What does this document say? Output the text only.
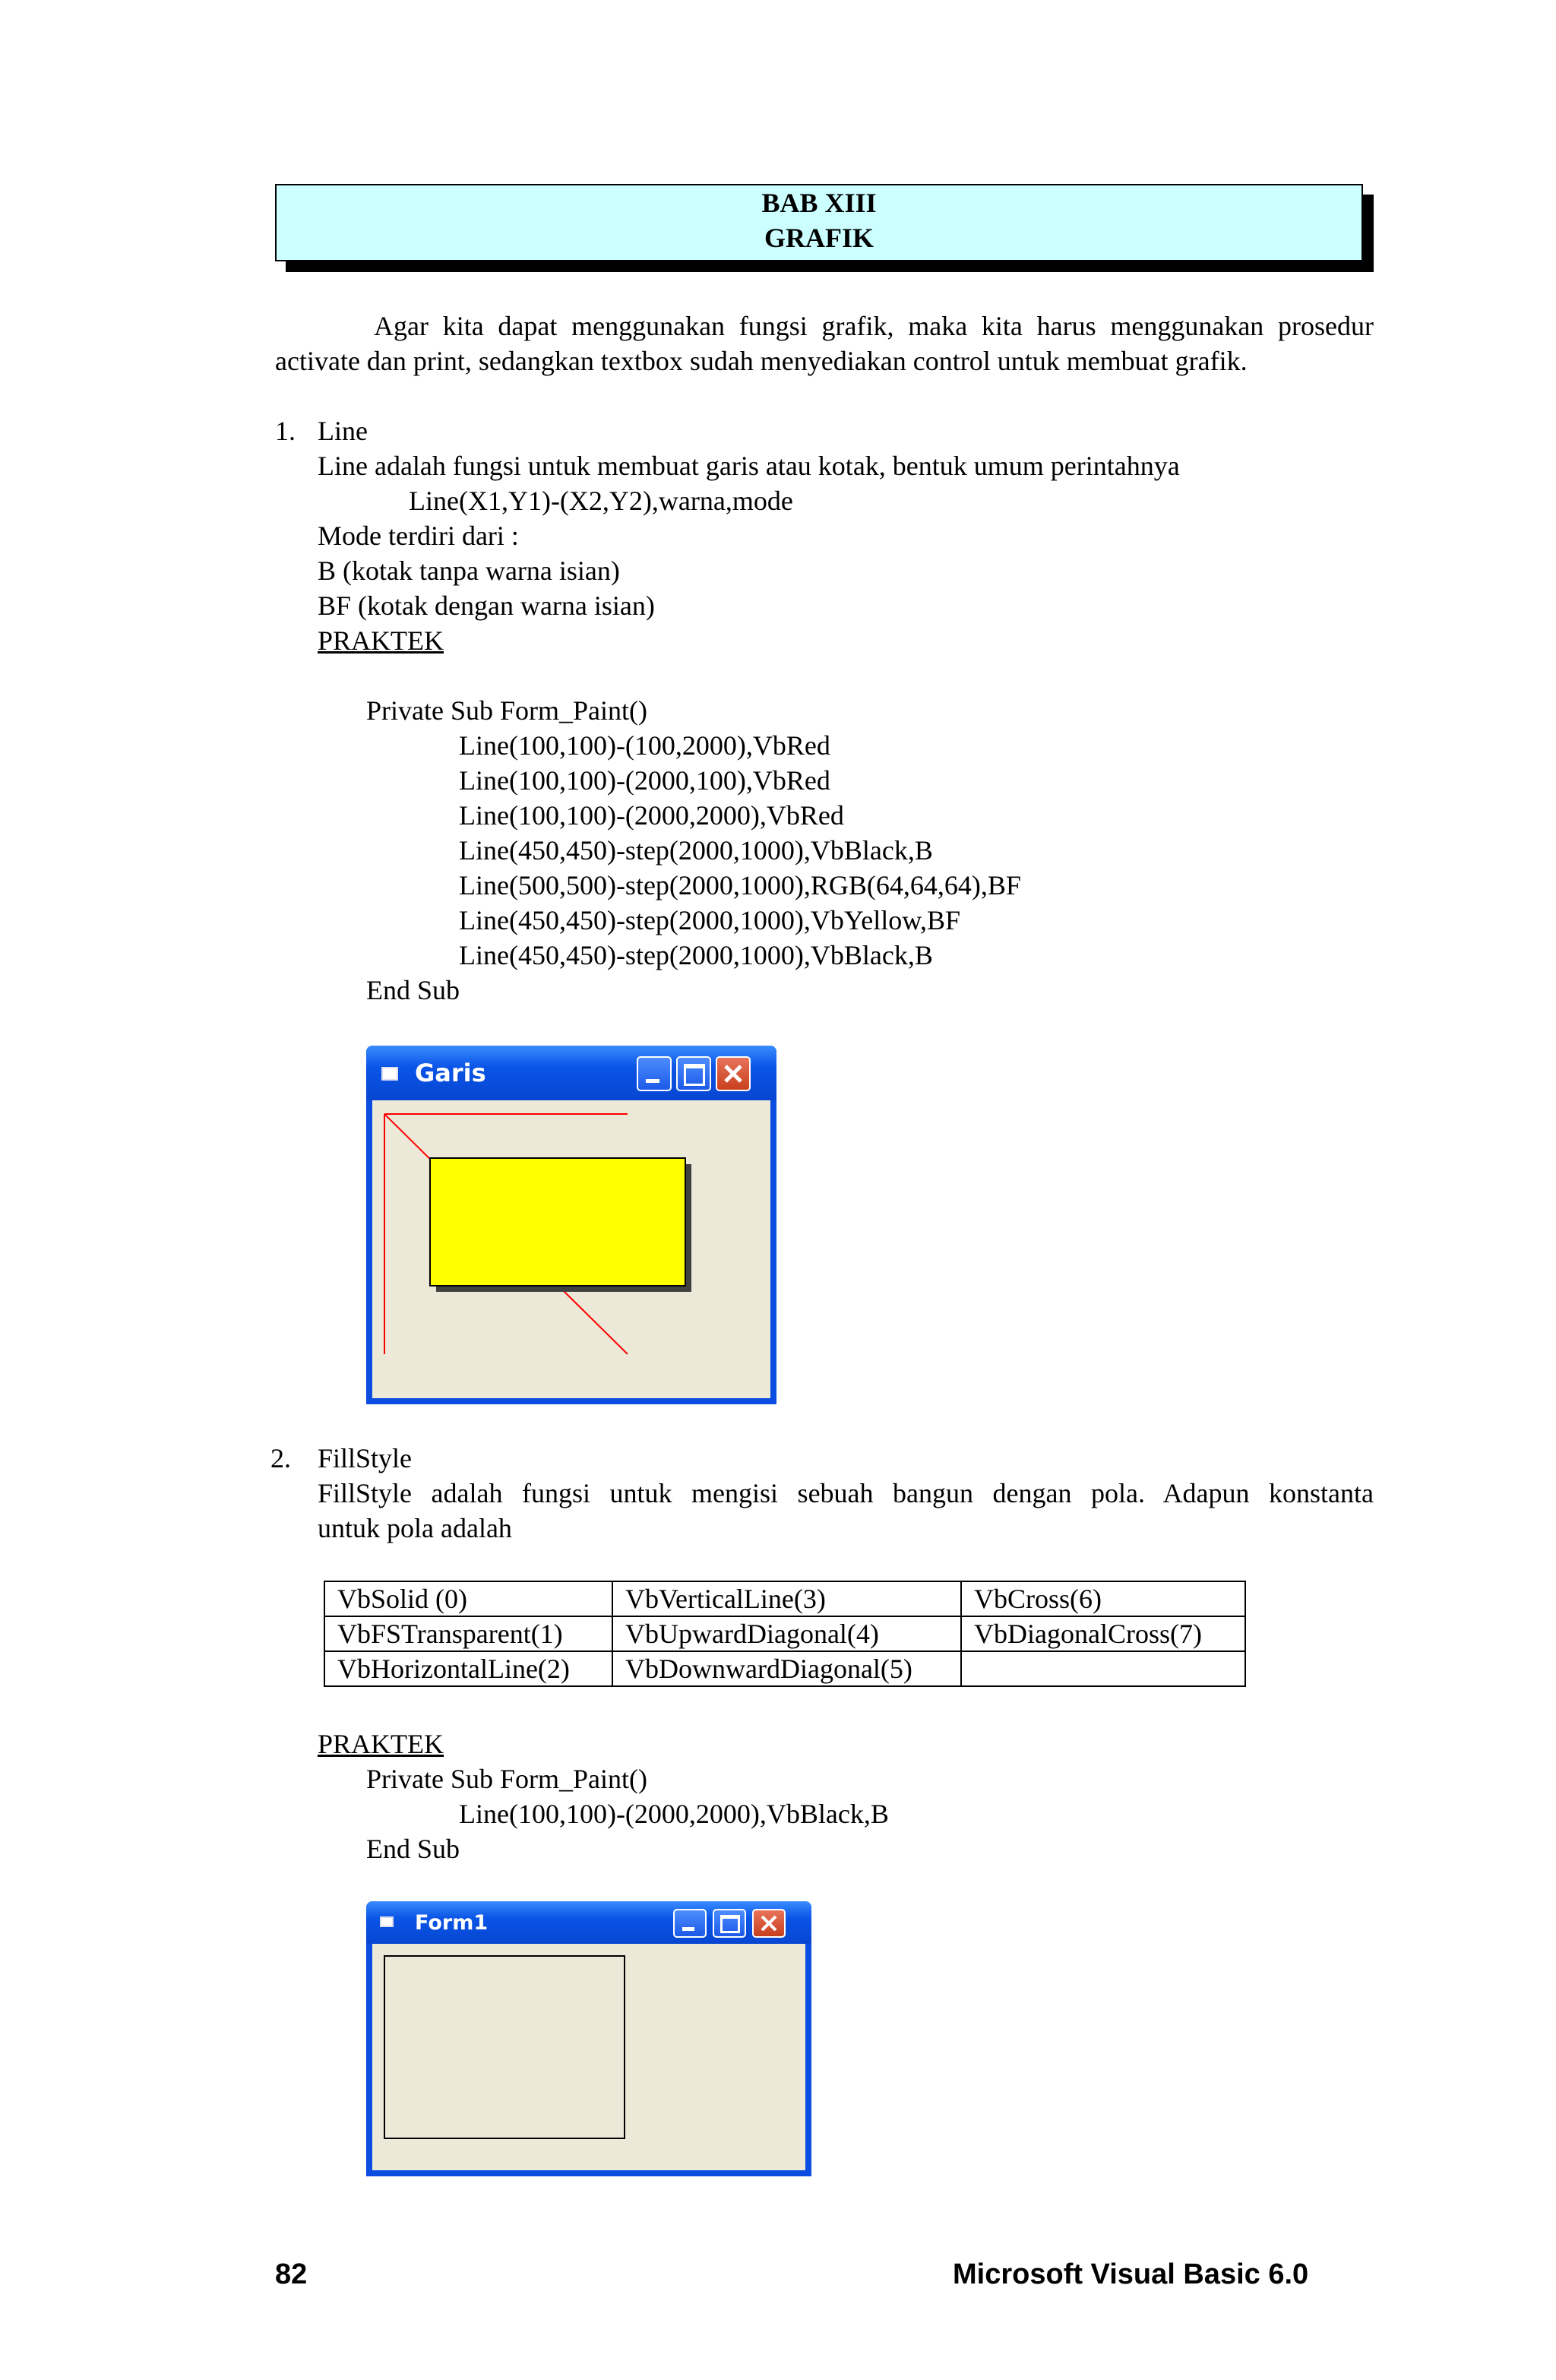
BAB XIII
GRAFIK
Agar kita dapat menggunakan fungsi grafik, maka kita harus menggunakan prosedur activate dan print, sedangkan textbox sudah menyediakan control untuk membuat grafik.
1. Line
Line adalah fungsi untuk membuat garis atau kotak, bentuk umum perintahnya
Line(X1,Y1)-(X2,Y2),warna,mode
Mode terdiri dari :
B (kotak tanpa warna isian)
BF (kotak dengan warna isian)
PRAKTEK
Private Sub Form_Paint()
Line(100,100)-(100,2000),VbRed
Line(100,100)-(2000,100),VbRed
Line(100,100)-(2000,2000),VbRed
Line(450,450)-step(2000,1000),VbBlack,B
Line(500,500)-step(2000,1000),RGB(64,64,64),BF
Line(450,450)-step(2000,1000),VbYellow,BF
Line(450,450)-step(2000,1000),VbBlack,B
End Sub
Garis
2. FillStyle
FillStyle adalah fungsi untuk mengisi sebuah bangun dengan pola. Adapun konstanta
untuk pola adalah
VbSolid (0)	VbVerticalLine(3)	VbCross(6)
VbFSTransparent(1)	VbUpwardDiagonal(4)	VbDiagonalCross(7)
VbHorizontalLine(2)	VbDownwardDiagonal(5)	
PRAKTEK
Private Sub Form_Paint()
Line(100,100)-(2000,2000),VbBlack,B
End Sub
Form1
82	Microsoft Visual Basic 6.0
